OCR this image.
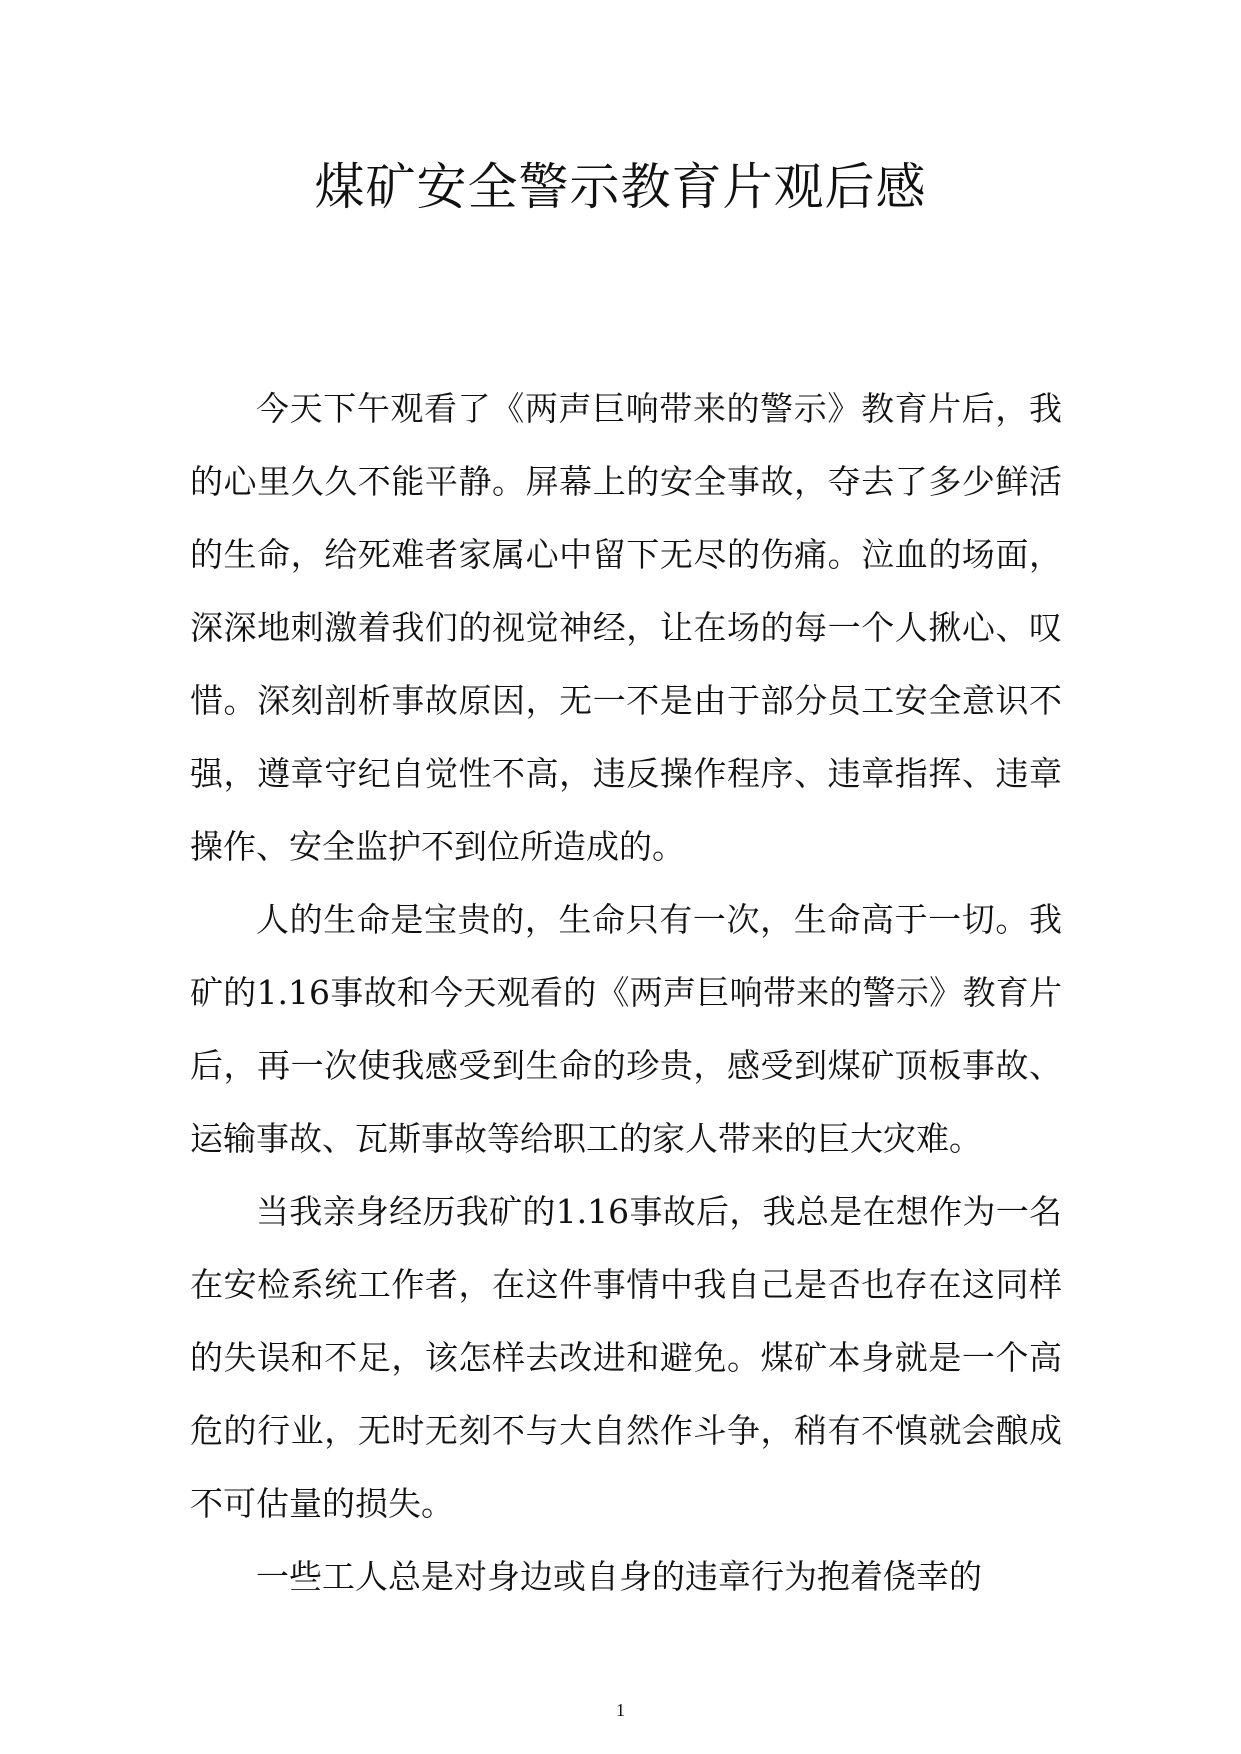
煤矿安全警示教育片观后感

今天下午观看了《两声巨响带来的警示》教育片后，我的心里久久不能平静。屏幕上的安全事故，夺去了多少鲜活的生命，给死难者家属心中留下无尽的伤痛。泣血的场面，深深地刺激着我们的视觉神经，让在场的每一个人揪心、叹惜。深刻剖析事故原因，无一不是由于部分员工安全意识不强，遵章守纪自觉性不高，违反操作程序、违章指挥、违章操作、安全监护不到位所造成的。

人的生命是宝贵的，生命只有一次，生命高于一切。我矿的1.16事故和今天观看的《两声巨响带来的警示》教育片后，再一次使我感受到生命的珍贵，感受到煤矿顶板事故、运输事故、瓦斯事故等给职工的家人带来的巨大灾难。

当我亲身经历我矿的1.16事故后，我总是在想作为一名在安检系统工作者，在这件事情中我自己是否也存在这同样的失误和不足，该怎样去改进和避免。煤矿本身就是一个高危的行业，无时无刻不与大自然作斗争，稍有不慎就会酿成不可估量的损失。

一些工人总是对身边或自身的违章行为抱着侥幸的

1
